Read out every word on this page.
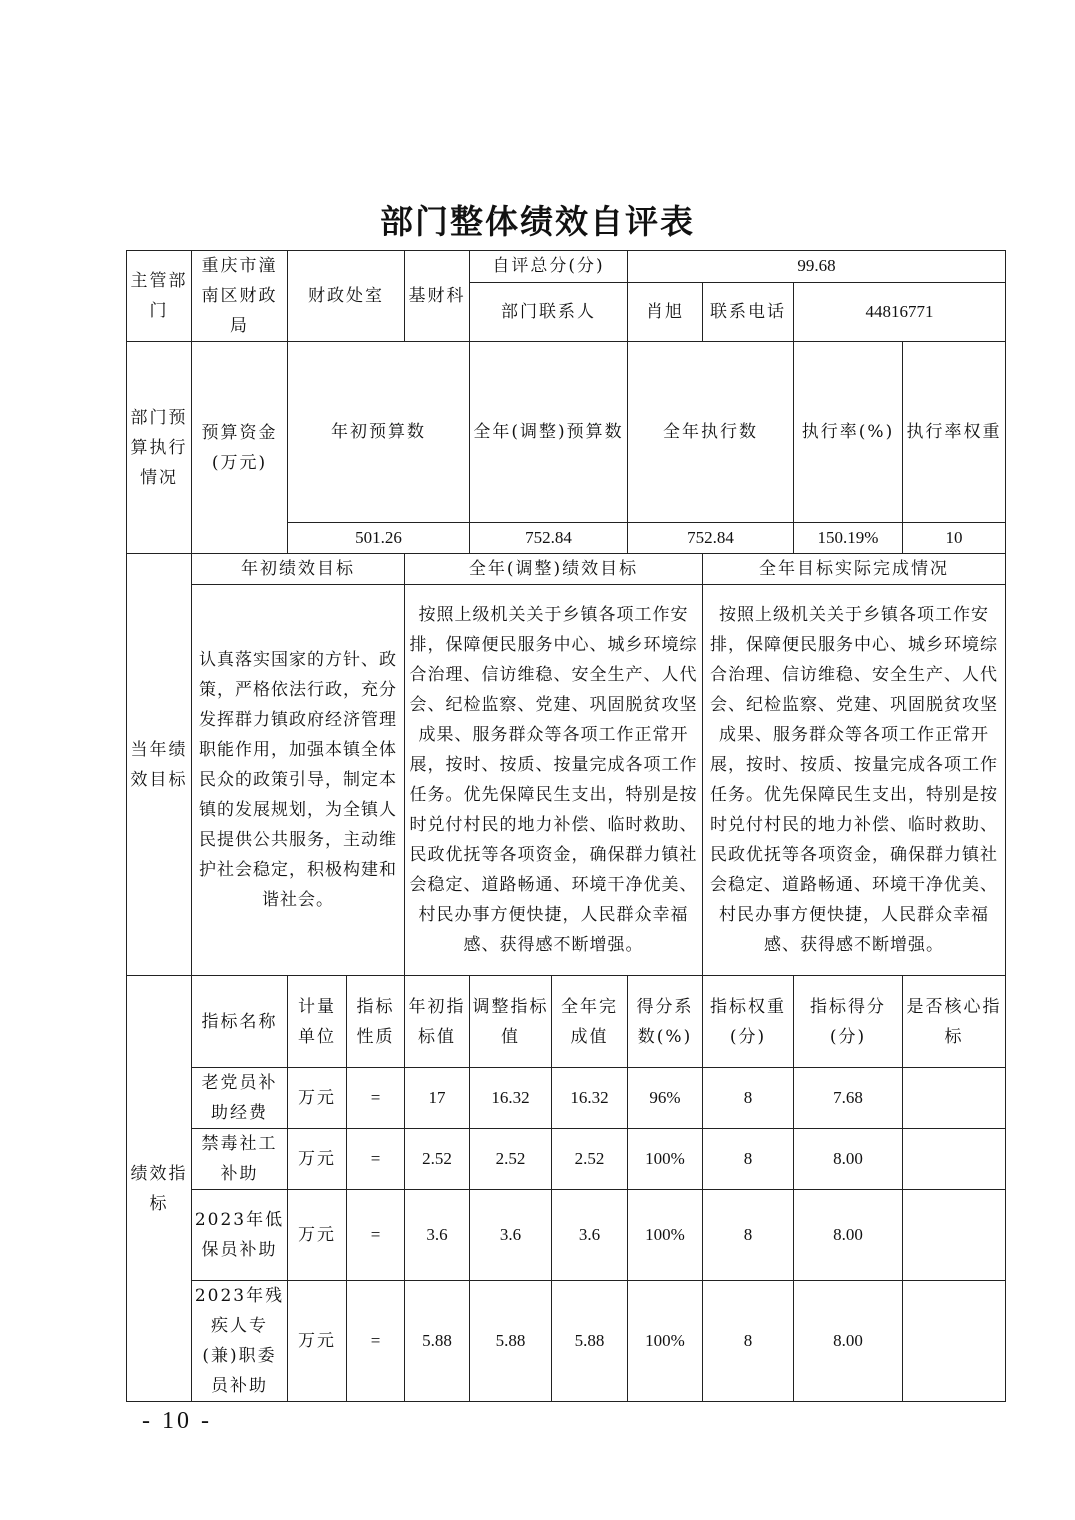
部门整体绩效自评表
主管部门	重庆市潼南区财政局	财政处室		基财科	自评总分(分)		99.68				
					部门联系人		肖旭	联系电话	44816771		
部门预算执行情况	预算资金(万元)	年初预算数			全年(调整)预算数		全年执行数		执行率(%)	执行率权重	
		501.26			752.84		752.84		150.19%	10	
当年绩效目标	年初绩效目标			全年(调整)绩效目标				全年目标实际完成情况			
	认真落实国家的方针、政策，严格依法行政，充分发挥群力镇政府经济管理职能作用，加强本镇全体民众的政策引导，制定本镇的发展规划，为全镇人民提供公共服务，主动维护社会稳定，积极构建和谐社会。			按照上级机关关于乡镇各项工作安排，保障便民服务中心、城乡环境综合治理、信访维稳、安全生产、人代会、纪检监察、党建、巩固脱贫攻坚成果、服务群众等各项工作正常开展，按时、按质、按量完成各项工作任务。优先保障民生支出，特别是按时兑付村民的地力补偿、临时救助、民政优抚等各项资金，确保群力镇社会稳定、道路畅通、环境干净优美、村民办事方便快捷，人民群众幸福感、获得感不断增强。				按照上级机关关于乡镇各项工作安排，保障便民服务中心、城乡环境综合治理、信访维稳、安全生产、人代会、纪检监察、党建、巩固脱贫攻坚成果、服务群众等各项工作正常开展，按时、按质、按量完成各项工作任务。优先保障民生支出，特别是按时兑付村民的地力补偿、临时救助、民政优抚等各项资金，确保群力镇社会稳定、道路畅通、环境干净优美、村民办事方便快捷，人民群众幸福感、获得感不断增强。			
绩效指标	指标名称	计量单位	指标性质	年初指标值	调整指标值	全年完成值	得分系数(%)	指标权重(分)	指标得分(分)	是否核心指标	
	老党员补助经费	万元	=	17	16.32	16.32	96%	8	7.68		
	禁毒社工补助	万元	=	2.52	2.52	2.52	100%	8	8.00		
	2023年低保员补助	万元	=	3.6	3.6	3.6	100%	8	8.00		
	2023年残疾人专(兼)职委员补助	万元	=	5.88	5.88	5.88	100%	8	8.00		
- 10 -
